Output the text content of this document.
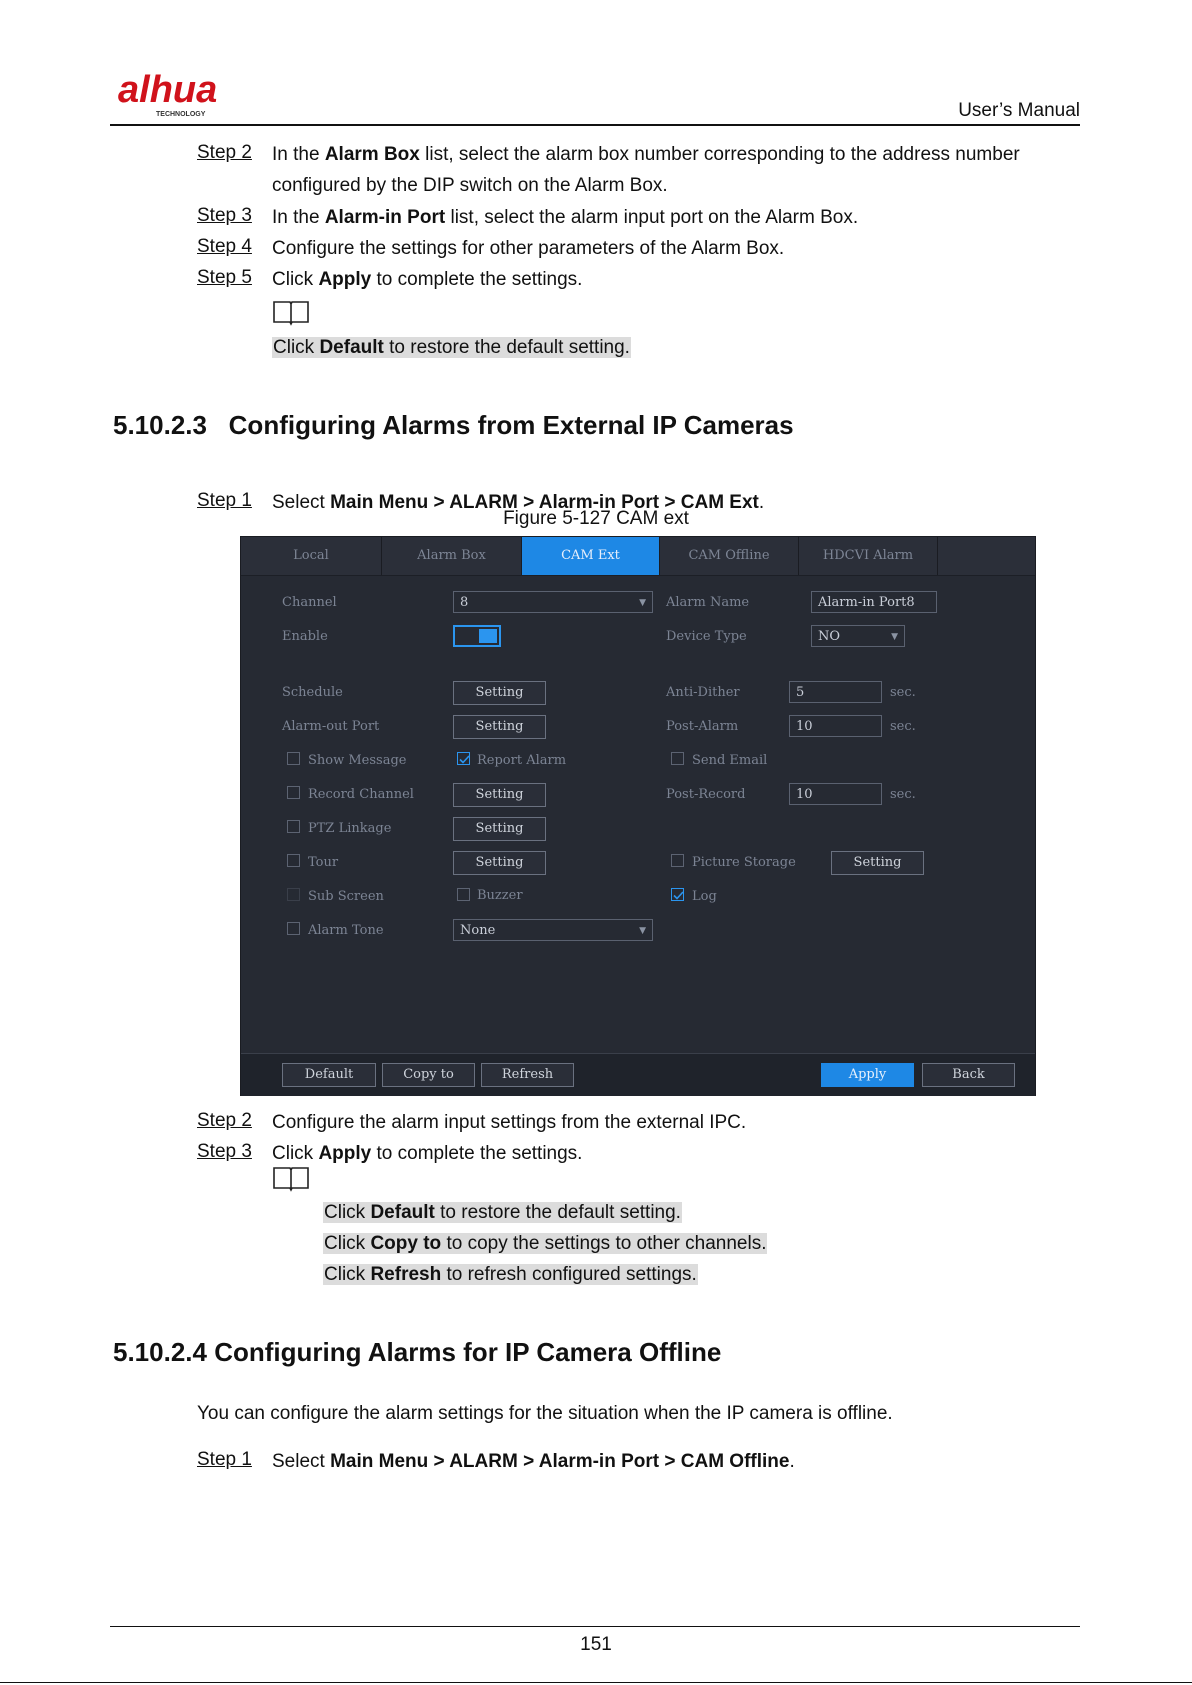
alhua
TECHNOLOGY	User’s Manual
Step 2 In the Alarm Box list, select the alarm box number corresponding to the address number configured by the DIP switch on the Alarm Box.
Step 3 In the Alarm-in Port list, select the alarm input port on the Alarm Box.
Step 4 Configure the settings for other parameters of the Alarm Box.
Step 5 Click Apply to complete the settings.
Click Default to restore the default setting.
5.10.2.3 Configuring Alarms from External IP Cameras
Step 1 Select Main Menu > ALARM > Alarm-in Port > CAM Ext.
Figure 5-127 CAM ext
Local	Alarm Box	CAM Ext	CAM Offline	HDCVI Alarm
Channel	8	▼ Alarm Name	Alarm-in Port8
Enable	Device Type	NO	▼
Schedule	Setting	Anti-Dither	5	sec.
Alarm-out Port	Setting	Post-Alarm	10	sec.
Show Message	Report Alarm	Send Email
Record Channel	Setting	Post-Record	10	sec.
PTZ Linkage	Setting
Tour	Setting	Picture Storage	Setting
Sub Screen	Buzzer	Log
Alarm Tone	None	▼
Default	Copy to	Refresh	Apply	Back
Step 2 Configure the alarm input settings from the external IPC.
Step 3 Click Apply to complete the settings.
Click Default to restore the default setting.
Click Copy to to copy the settings to other channels.
Click Refresh to refresh configured settings.
5.10.2.4 Configuring Alarms for IP Camera Offline
You can configure the alarm settings for the situation when the IP camera is offline.
Step 1 Select Main Menu > ALARM > Alarm-in Port > CAM Offline.
151
